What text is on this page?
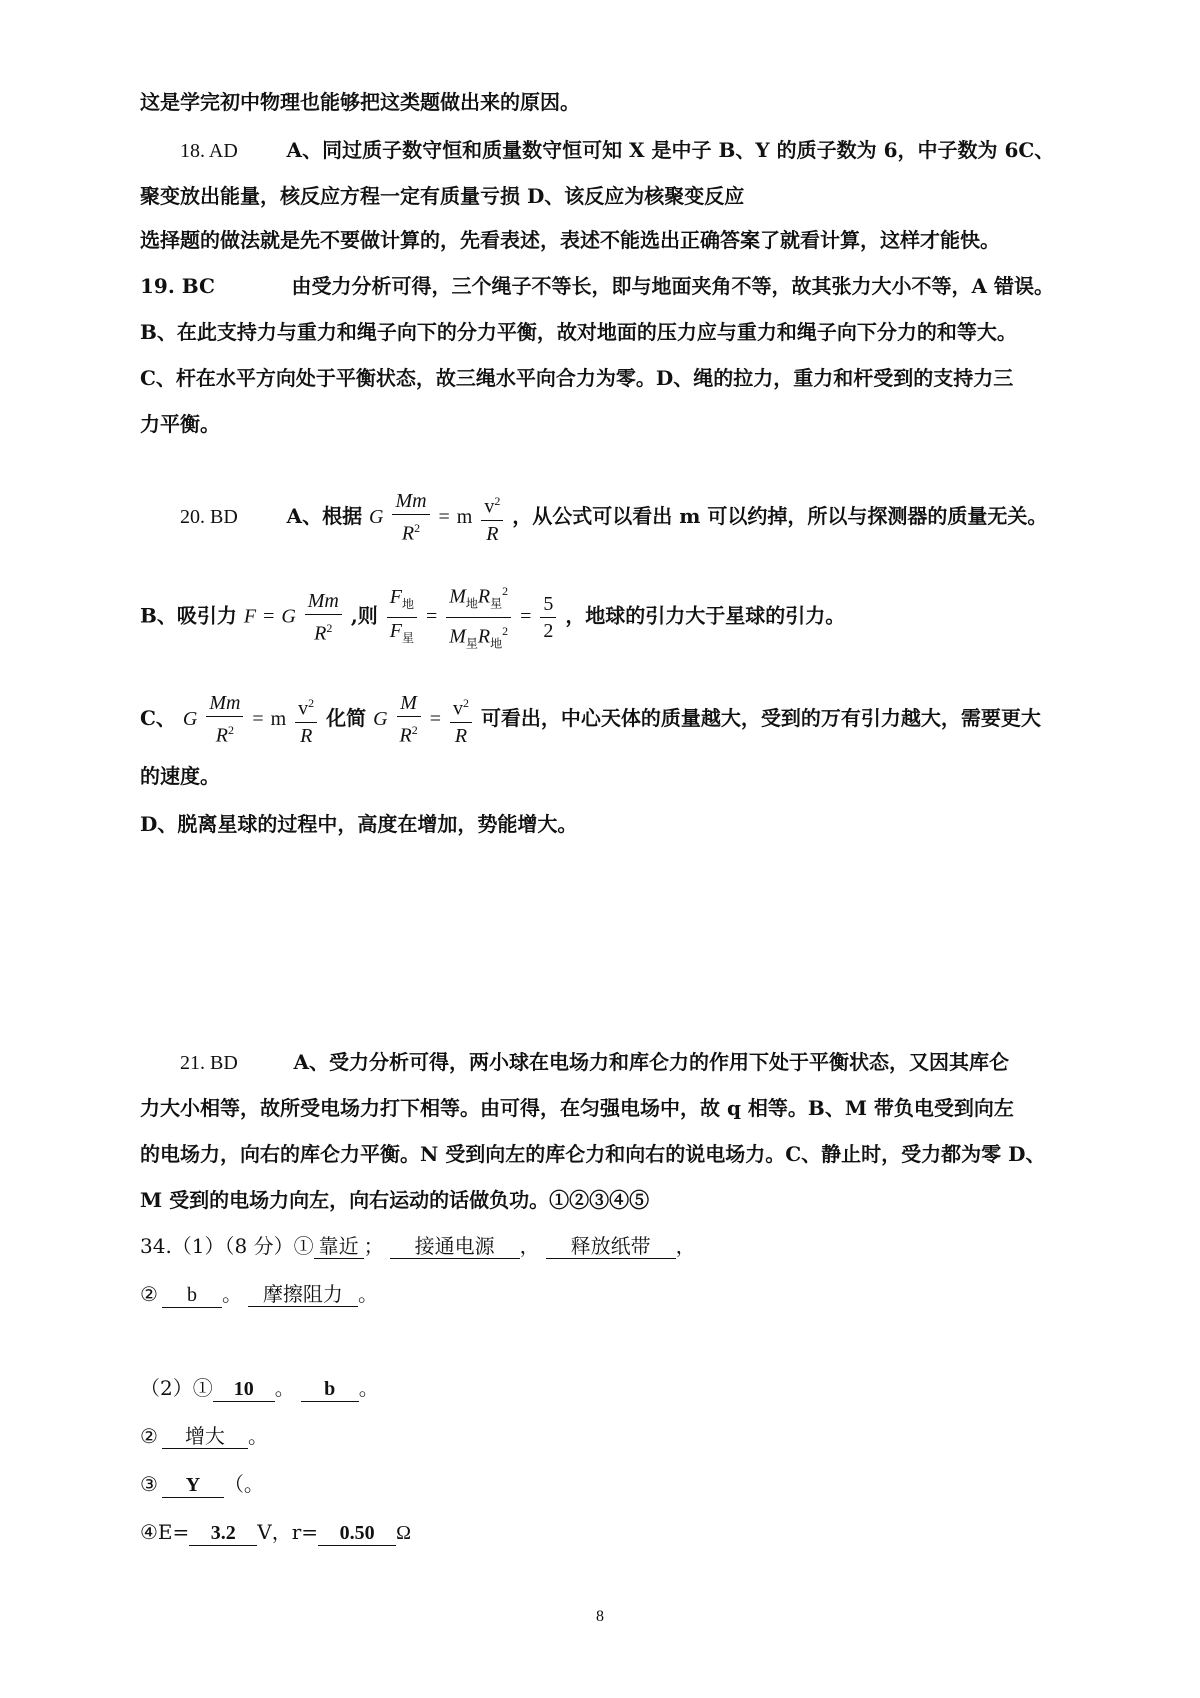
这是学完初中物理也能够把这类题做出来的原因。
18. AD A、同过质子数守恒和质量数守恒可知 X 是中子 B、Y 的质子数为 6，中子数为 6C、
聚变放出能量，核反应方程一定有质量亏损 D、该反应为核聚变反应
选择题的做法就是先不要做计算的，先看表述，表述不能选出正确答案了就看计算，这样才能快。
19. BC	由受力分析可得，三个绳子不等长，即与地面夹角不等，故其张力大小不等，A 错误。
B、在此支持力与重力和绳子向下的分力平衡，故对地面的压力应与重力和绳子向下分力的和等大。
C、杆在水平方向处于平衡状态，故三绳水平向合力为零。D、绳的拉力，重力和杆受到的支持力三
力平衡。
20. BD A、根据 G $\frac{Mm}{R^2} = m \frac{v^2}{R}$ ，从公式可以看出 m 可以约掉，所以与探测器的质量无关。
B、吸引力 F = G $\frac{Mm}{R^2}$ ,则 $\frac{F_地}{F_星} = \frac{M_地R_星^2}{M_星R_地^2} = \frac{5}{2}$ ，地球的引力大于星球的引力。
C、 G $\frac{Mm}{R^2} = m \frac{v^2}{R}$ 化简 G $\frac{M}{R^2} = \frac{v^2}{R}$ 可看出，中心天体的质量越大，受到的万有引力越大，需要更大
的速度。
D、脱离星球的过程中，高度在增加，势能增大。
21. BD	A、受力分析可得，两小球在电场力和库仑力的作用下处于平衡状态，又因其库仑
力大小相等，故所受电场力打下相等。由可得，在匀强电场中，故 q 相等。B、M 带负电受到向左
的电场力，向右的库仑力平衡。N 受到向左的库仑力和向右的说电场力。C、静止时，受力都为零 D、
M 受到的电场力向左，向右运动的话做负功。①②③④⑤
34.（1）（8 分）① 靠近 ； 接通电源 ， 释放纸带 ，
② b 。 摩擦阻力 。
（2）① 10 。 b 。
② 增大 。
③ Y （。
④E= 3.2 V，r= 0.50 Ω
8
